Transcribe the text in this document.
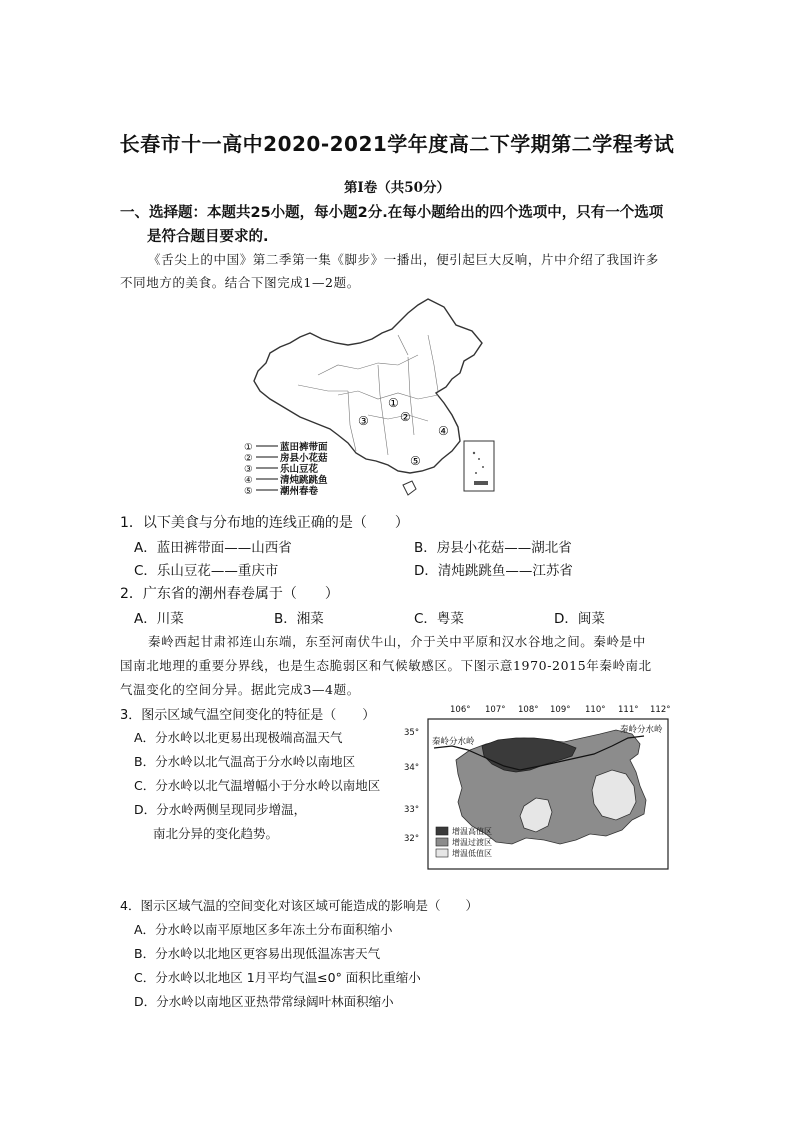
长春市十一高中2020-2021学年度高二下学期第二学程考试
第Ⅰ卷（共50分）
一、选择题：本题共25小题，每小题2分.在每小题给出的四个选项中，只有一个选项
是符合题目要求的.
《舌尖上的中国》第二季第一集《脚步》一播出，便引起巨大反响，片中介绍了我国许多
不同地方的美食。结合下图完成1—2题。
①
②
③
④
⑤
①	蓝田裤带面
②	房县小花菇
③	乐山豆花
④	清炖跳跳鱼
⑤	潮州春卷
1．以下美食与分布地的连线正确的是（　　）
A．蓝田裤带面——山西省	B．房县小花菇——湖北省
C．乐山豆花——重庆市	D．清炖跳跳鱼——江苏省
2．广东省的潮州春卷属于（　　）
A．川菜	B．湘菜	C．粤菜	D．闽菜
秦岭西起甘肃祁连山东端，东至河南伏牛山，介于关中平原和汉水谷地之间。秦岭是中
国南北地理的重要分界线，也是生态脆弱区和气候敏感区。下图示意1970-2015年秦岭南北
气温变化的空间分异。据此完成3—4题。
3．图示区域气温空间变化的特征是（　　）
A．分水岭以北更易出现极端高温天气
B．分水岭以北气温高于分水岭以南地区
C．分水岭以北气温增幅小于分水岭以南地区
D．分水岭两侧呈现同步增温，
南北分异的变化趋势。
106° 107° 108° 109° 110° 111° 112°
35°
34°
33°
32°
秦岭分水岭
秦岭分水岭
增温高值区
增温过渡区
增温低值区
4．图示区域气温的空间变化对该区域可能造成的影响是（　　）
A．分水岭以南平原地区多年冻土分布面积缩小
B．分水岭以北地区更容易出现低温冻害天气
C．分水岭以北地区 1月平均气温≤0° 面积比重缩小
D．分水岭以南地区亚热带常绿阔叶林面积缩小
